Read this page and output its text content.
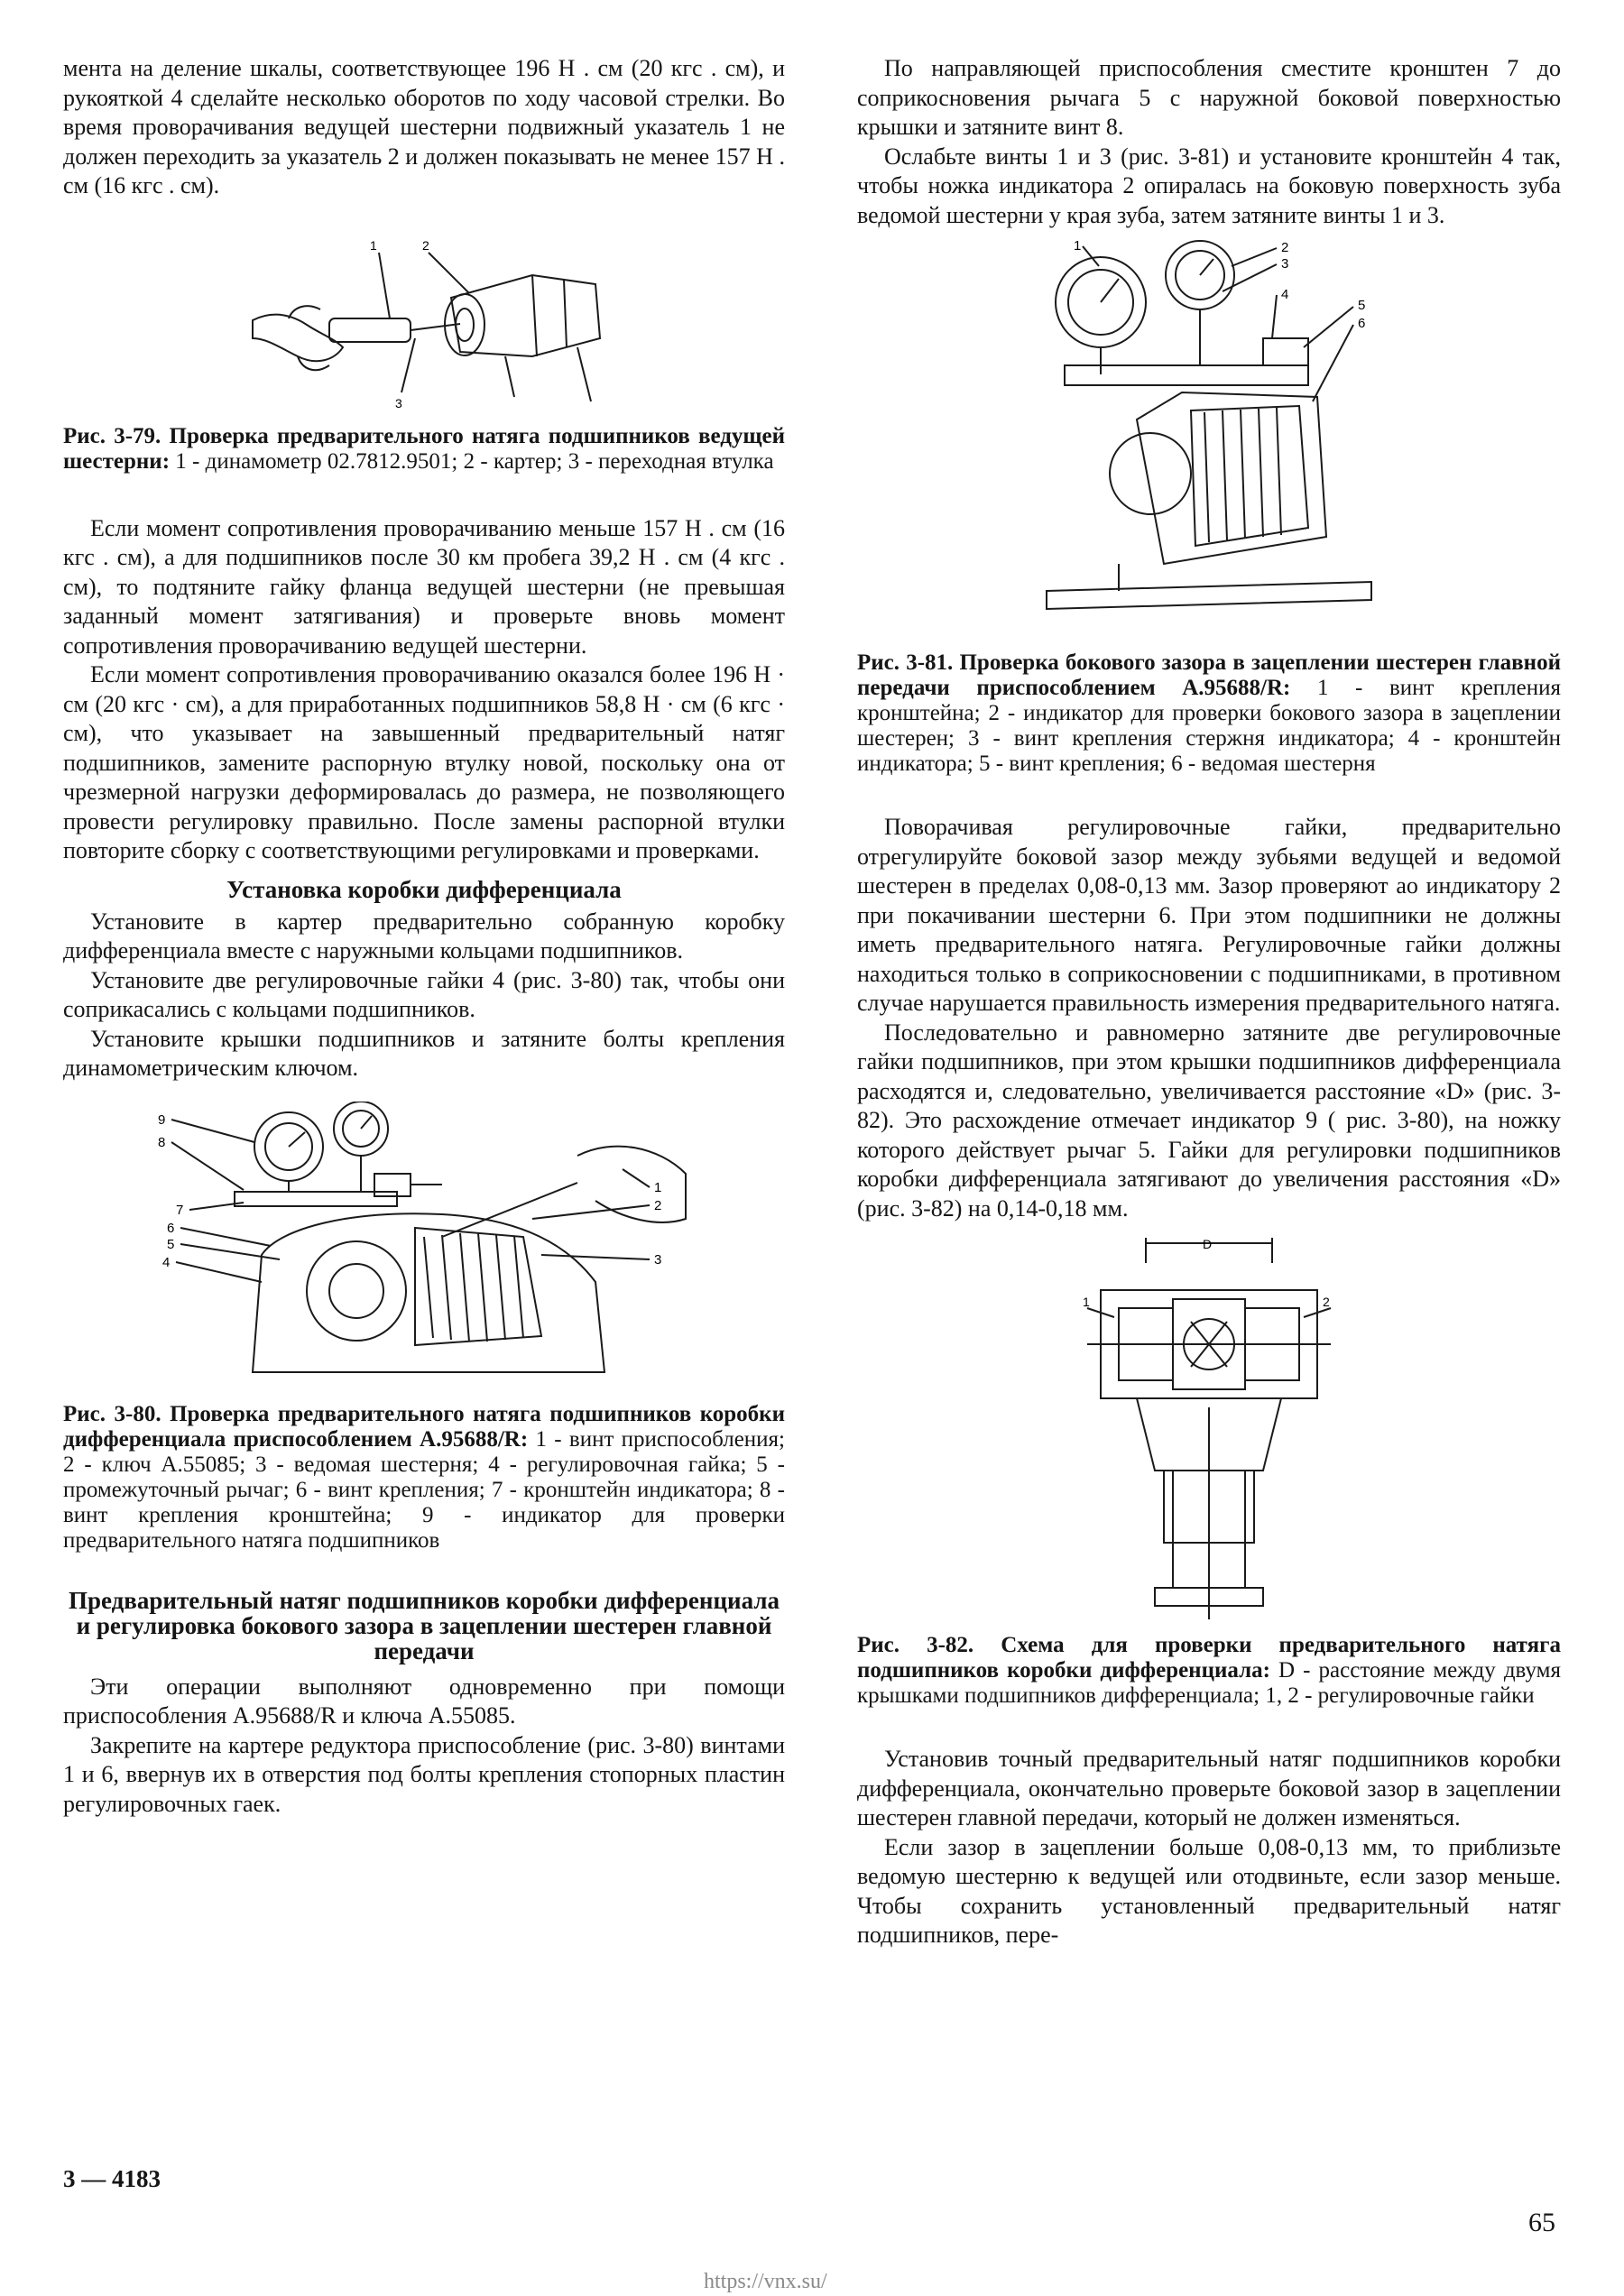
мента на деление шкалы, соответствующее 196 Н . см (20 кгс . см), и рукояткой 4 сделайте несколько оборотов по ходу часовой стрелки. Во время проворачивания ведущей шестерни подвижный указатель 1 не должен переходить за указатель 2 и должен показывать не менее 157 Н . см (16 кгс . см).

1	2
3

Рис. 3-79. Проверка предварительного натяга подшипников ведущей шестерни: 1 - динамометр 02.7812.9501; 2 - картер; 3 - переходная втулка

Если момент сопротивления проворачиванию меньше 157 Н . см (16 кгс . см), а для подшипников после 30 км пробега 39,2 Н . см (4 кгс . см), то подтяните гайку фланца ведущей шестерни (не превышая заданный момент затягивания) и проверьте вновь момент сопротивления проворачиванию ведущей шестерни.

Если момент сопротивления проворачиванию оказался более 196 Н · см (20 кгс · см), а для приработанных подшипников 58,8 Н · см (6 кгс · см), что указывает на завышенный предварительный натяг подшипников, замените распорную втулку новой, поскольку она от чрезмерной нагрузки деформировалась до размера, не позволяющего провести регулировку правильно. После замены распорной втулки повторите сборку с соответствующими регулировками и проверками.

Установка коробки дифференциала

Установите в картер предварительно собранную коробку дифференциала вместе с наружными кольцами подшипников.

Установите две регулировочные гайки 4 (рис. 3-80) так, чтобы они соприкасались с кольцами подшипников.

Установите крышки подшипников и затяните болты крепления динамометрическим ключом.

9
8
7
6
5
4
1
2
3

Рис. 3-80. Проверка предварительного натяга подшипников коробки дифференциала приспособлением А.95688/R: 1 - винт приспособления; 2 - ключ А.55085; 3 - ведомая шестерня; 4 - регулировочная гайка; 5 - промежуточный рычаг; 6 - винт крепления; 7 - кронштейн индикатора; 8 - винт крепления кронштейна; 9 - индикатор для проверки предварительного натяга подшипников

Предварительный натяг подшипников коробки дифференциала и регулировка бокового зазора в зацеплении шестерен главной передачи

Эти операции выполняют одновременно при помощи приспособления А.95688/R и ключа А.55085.

Закрепите на картере редуктора приспособление (рис. 3-80) винтами 1 и 6, ввернув их в отверстия под болты крепления стопорных пластин регулировочных гаек.

По направляющей приспособления сместите кронштен 7 до соприкосновения рычага 5 с наружной боковой поверхностью крышки и затяните винт 8.

Ослабьте винты 1 и 3 (рис. 3-81) и установите кронштейн 4 так, чтобы ножка индикатора 2 опиралась на боковую поверхность зуба ведомой шестерни у края зуба, затем затяните винты 1 и 3.

1	2
3
4
5
6

Рис. 3-81. Проверка бокового зазора в зацеплении шестерен главной передачи приспособлением А.95688/R: 1 - винт крепления кронштейна; 2 - индикатор для проверки бокового зазора в зацеплении шестерен; 3 - винт крепления стержня индикатора; 4 - кронштейн индикатора; 5 - винт крепления; 6 - ведомая шестерня

Поворачивая регулировочные гайки, предварительно отрегулируйте боковой зазор между зубьями ведущей и ведомой шестерен в пределах 0,08-0,13 мм. Зазор проверяют ао индикатору 2 при покачивании шестерни 6. При этом подшипники не должны иметь предварительного натяга. Регулировочные гайки должны находиться только в соприкосновении с подшипниками, в противном случае нарушается правильность измерения предварительного натяга.

Последовательно и равномерно затяните две регулировочные гайки подшипников, при этом крышки подшипников дифференциала расходятся и, следовательно, увеличивается расстояние «D» (рис. 3-82). Это расхождение отмечает индикатор 9 ( рис. 3-80), на ножку которого действует рычаг 5. Гайки для регулировки подшипников коробки дифференциала затягивают до увеличения расстояния «D» (рис. 3-82) на 0,14-0,18 мм.

D
1	2

Рис. 3-82. Схема для проверки предварительного натяга подшипников коробки дифференциала: D - расстояние между двумя крышками подшипников дифференциала; 1, 2 - регулировочные гайки

Установив точный предварительный натяг подшипников коробки дифференциала, окончательно проверьте боковой зазор в зацеплении шестерен главной передачи, который не должен изменяться.

Если зазор в зацеплении больше 0,08-0,13 мм, то приблизьте ведомую шестерню к ведущей или отодвиньте, если зазор меньше. Чтобы сохранить установленный предварительный натяг подшипников, пере-

3 — 4183
65
https://vnx.su/
